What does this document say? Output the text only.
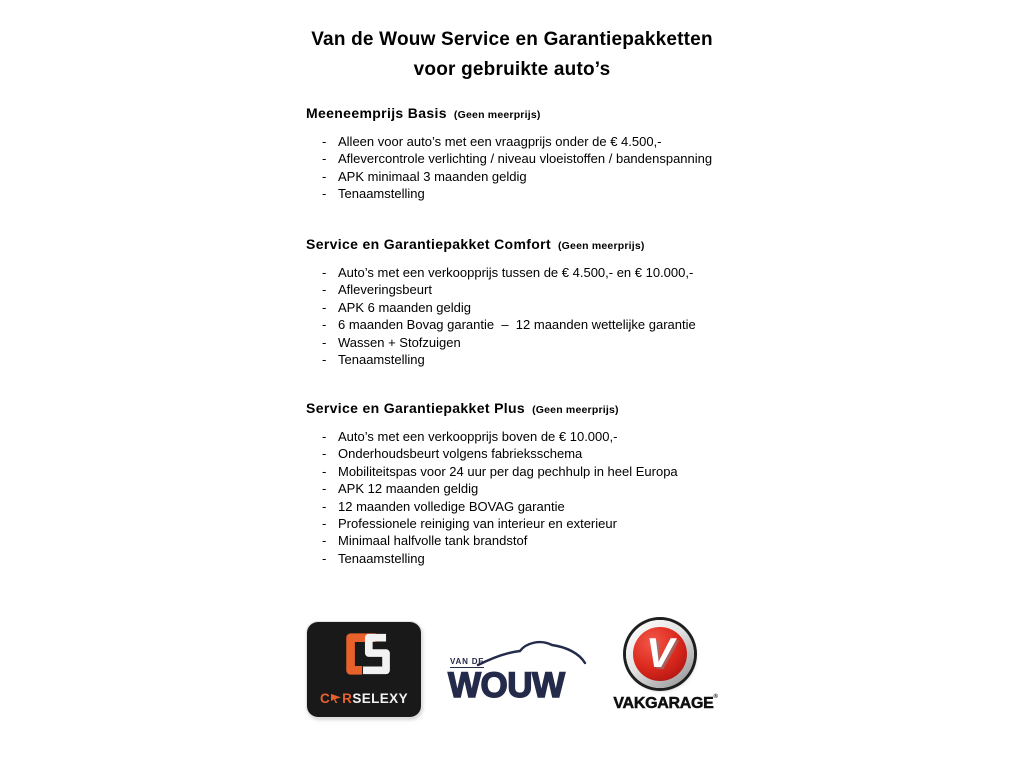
Van de Wouw Service en Garantiepakketten
voor gebruikte auto’s
Meeneemprijs Basis (Geen meerprijs)
- Alleen voor auto’s met een vraagprijs onder de € 4.500,-
- Aflevercontrole verlichting / niveau vloeistoffen / bandenspanning
- APK minimaal 3 maanden geldig
- Tenaamstelling
Service en Garantiepakket Comfort (Geen meerprijs)
- Auto’s met een verkoopprijs tussen de € 4.500,- en € 10.000,-
- Afleveringsbeurt
- APK 6 maanden geldig
- 6 maanden Bovag garantie  –  12 maanden wettelijke garantie
- Wassen + Stofzuigen
- Tenaamstelling
Service en Garantiepakket Plus (Geen meerprijs)
- Auto’s met een verkoopprijs boven de € 10.000,-
- Onderhoudsbeurt volgens fabrieksschema
- Mobiliteitspas voor 24 uur per dag pechhulp in heel Europa
- APK 12 maanden geldig
- 12 maanden volledige BOVAG garantie
- Professionele reiniging van interieur en exterieur
- Minimaal halfvolle tank brandstof
- Tenaamstelling
C RSELEXY
VAN DE
WOUW
V
VAKGARAGE®
